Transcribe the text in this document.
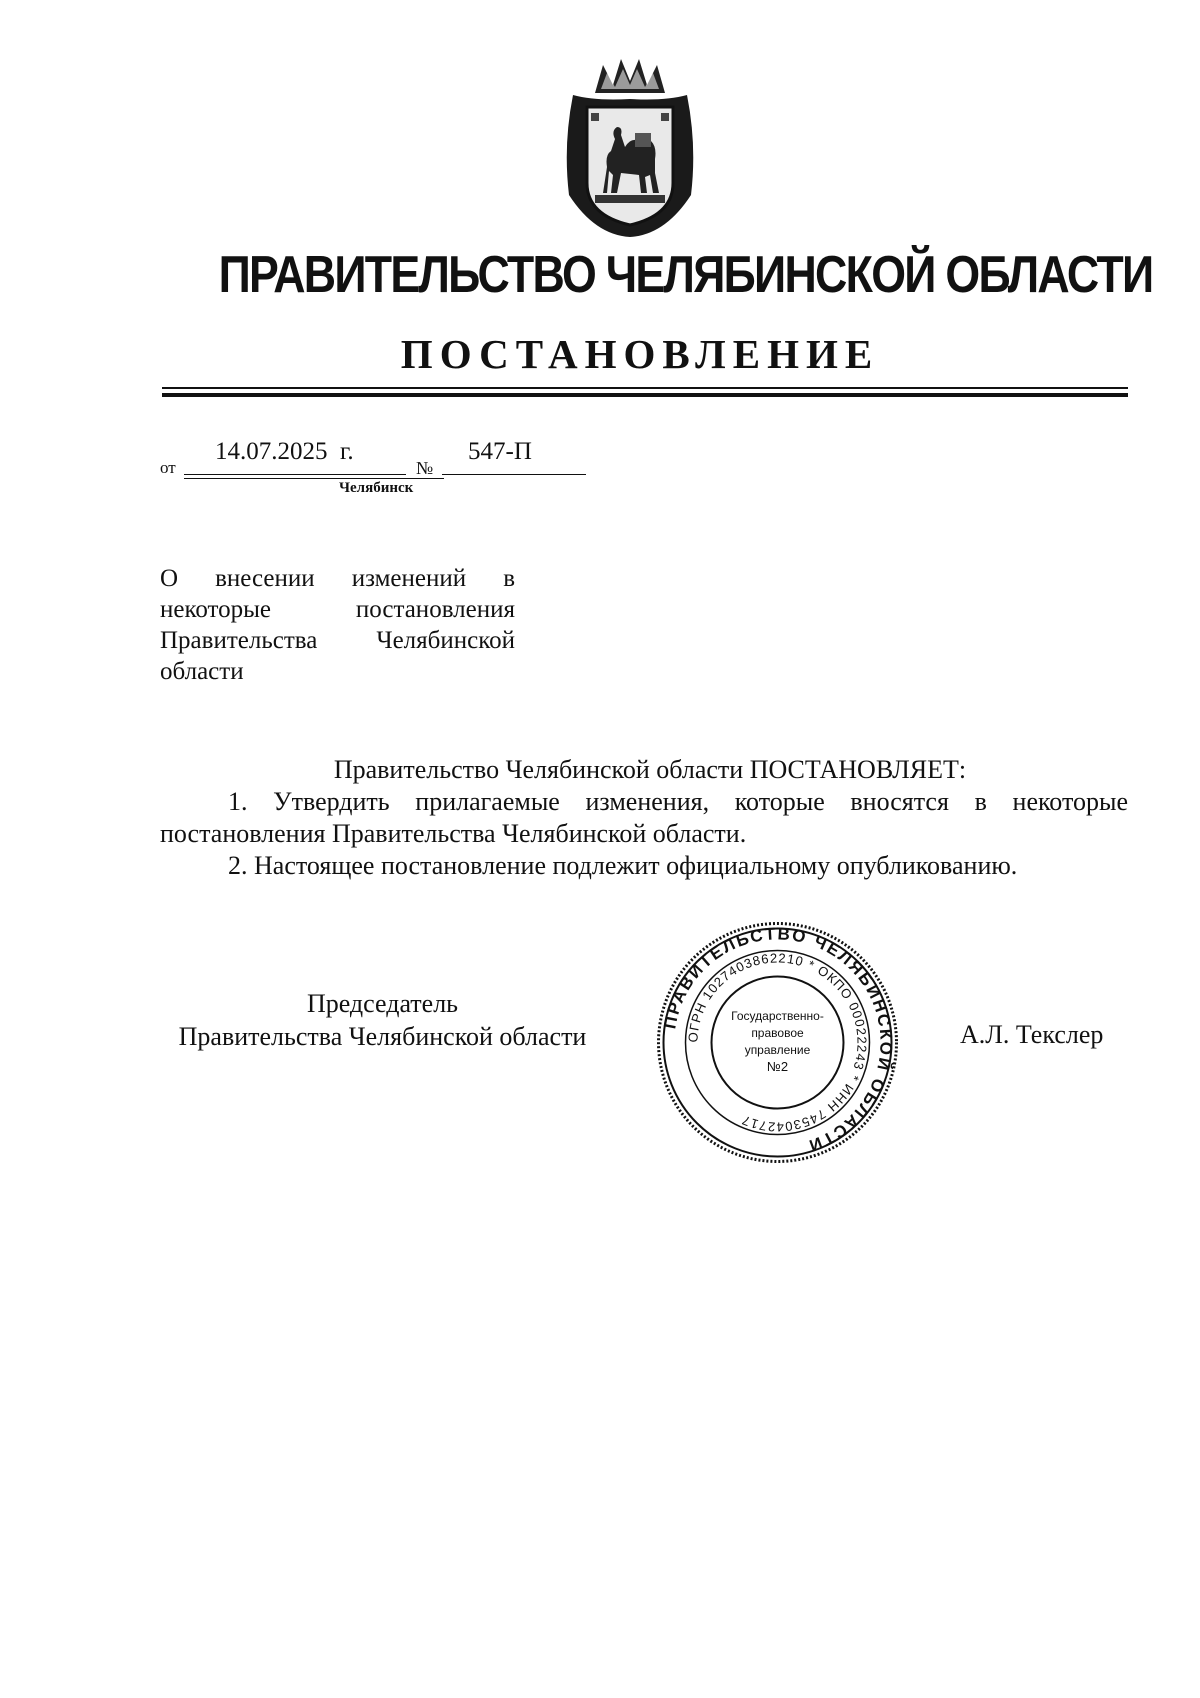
ПРАВИТЕЛЬСТВО ЧЕЛЯБИНСКОЙ ОБЛАСТИ
ПОСТАНОВЛЕНИЕ
от
14.07.2025  г.
№
547-П
Челябинск
О внесении изменений в некоторые постановления Правительства Челябинской области
Правительство Челябинской области ПОСТАНОВЛЯЕТ:

1. Утвердить прилагаемые изменения, которые вносятся в некоторые постановления Правительства Челябинской области.

2. Настоящее постановление подлежит официальному опубликованию.

Председатель
Правительства Челябинской области	А.Л. Текслер
ПРАВИТЕЛЬСТВО ЧЕЛЯБИНСКОЙ ОБЛАСТИ
ОГРН 1027403862210 * ОКПО 00022243 * ИНН 7453042717
Государственно-
правовое
управление
№2
